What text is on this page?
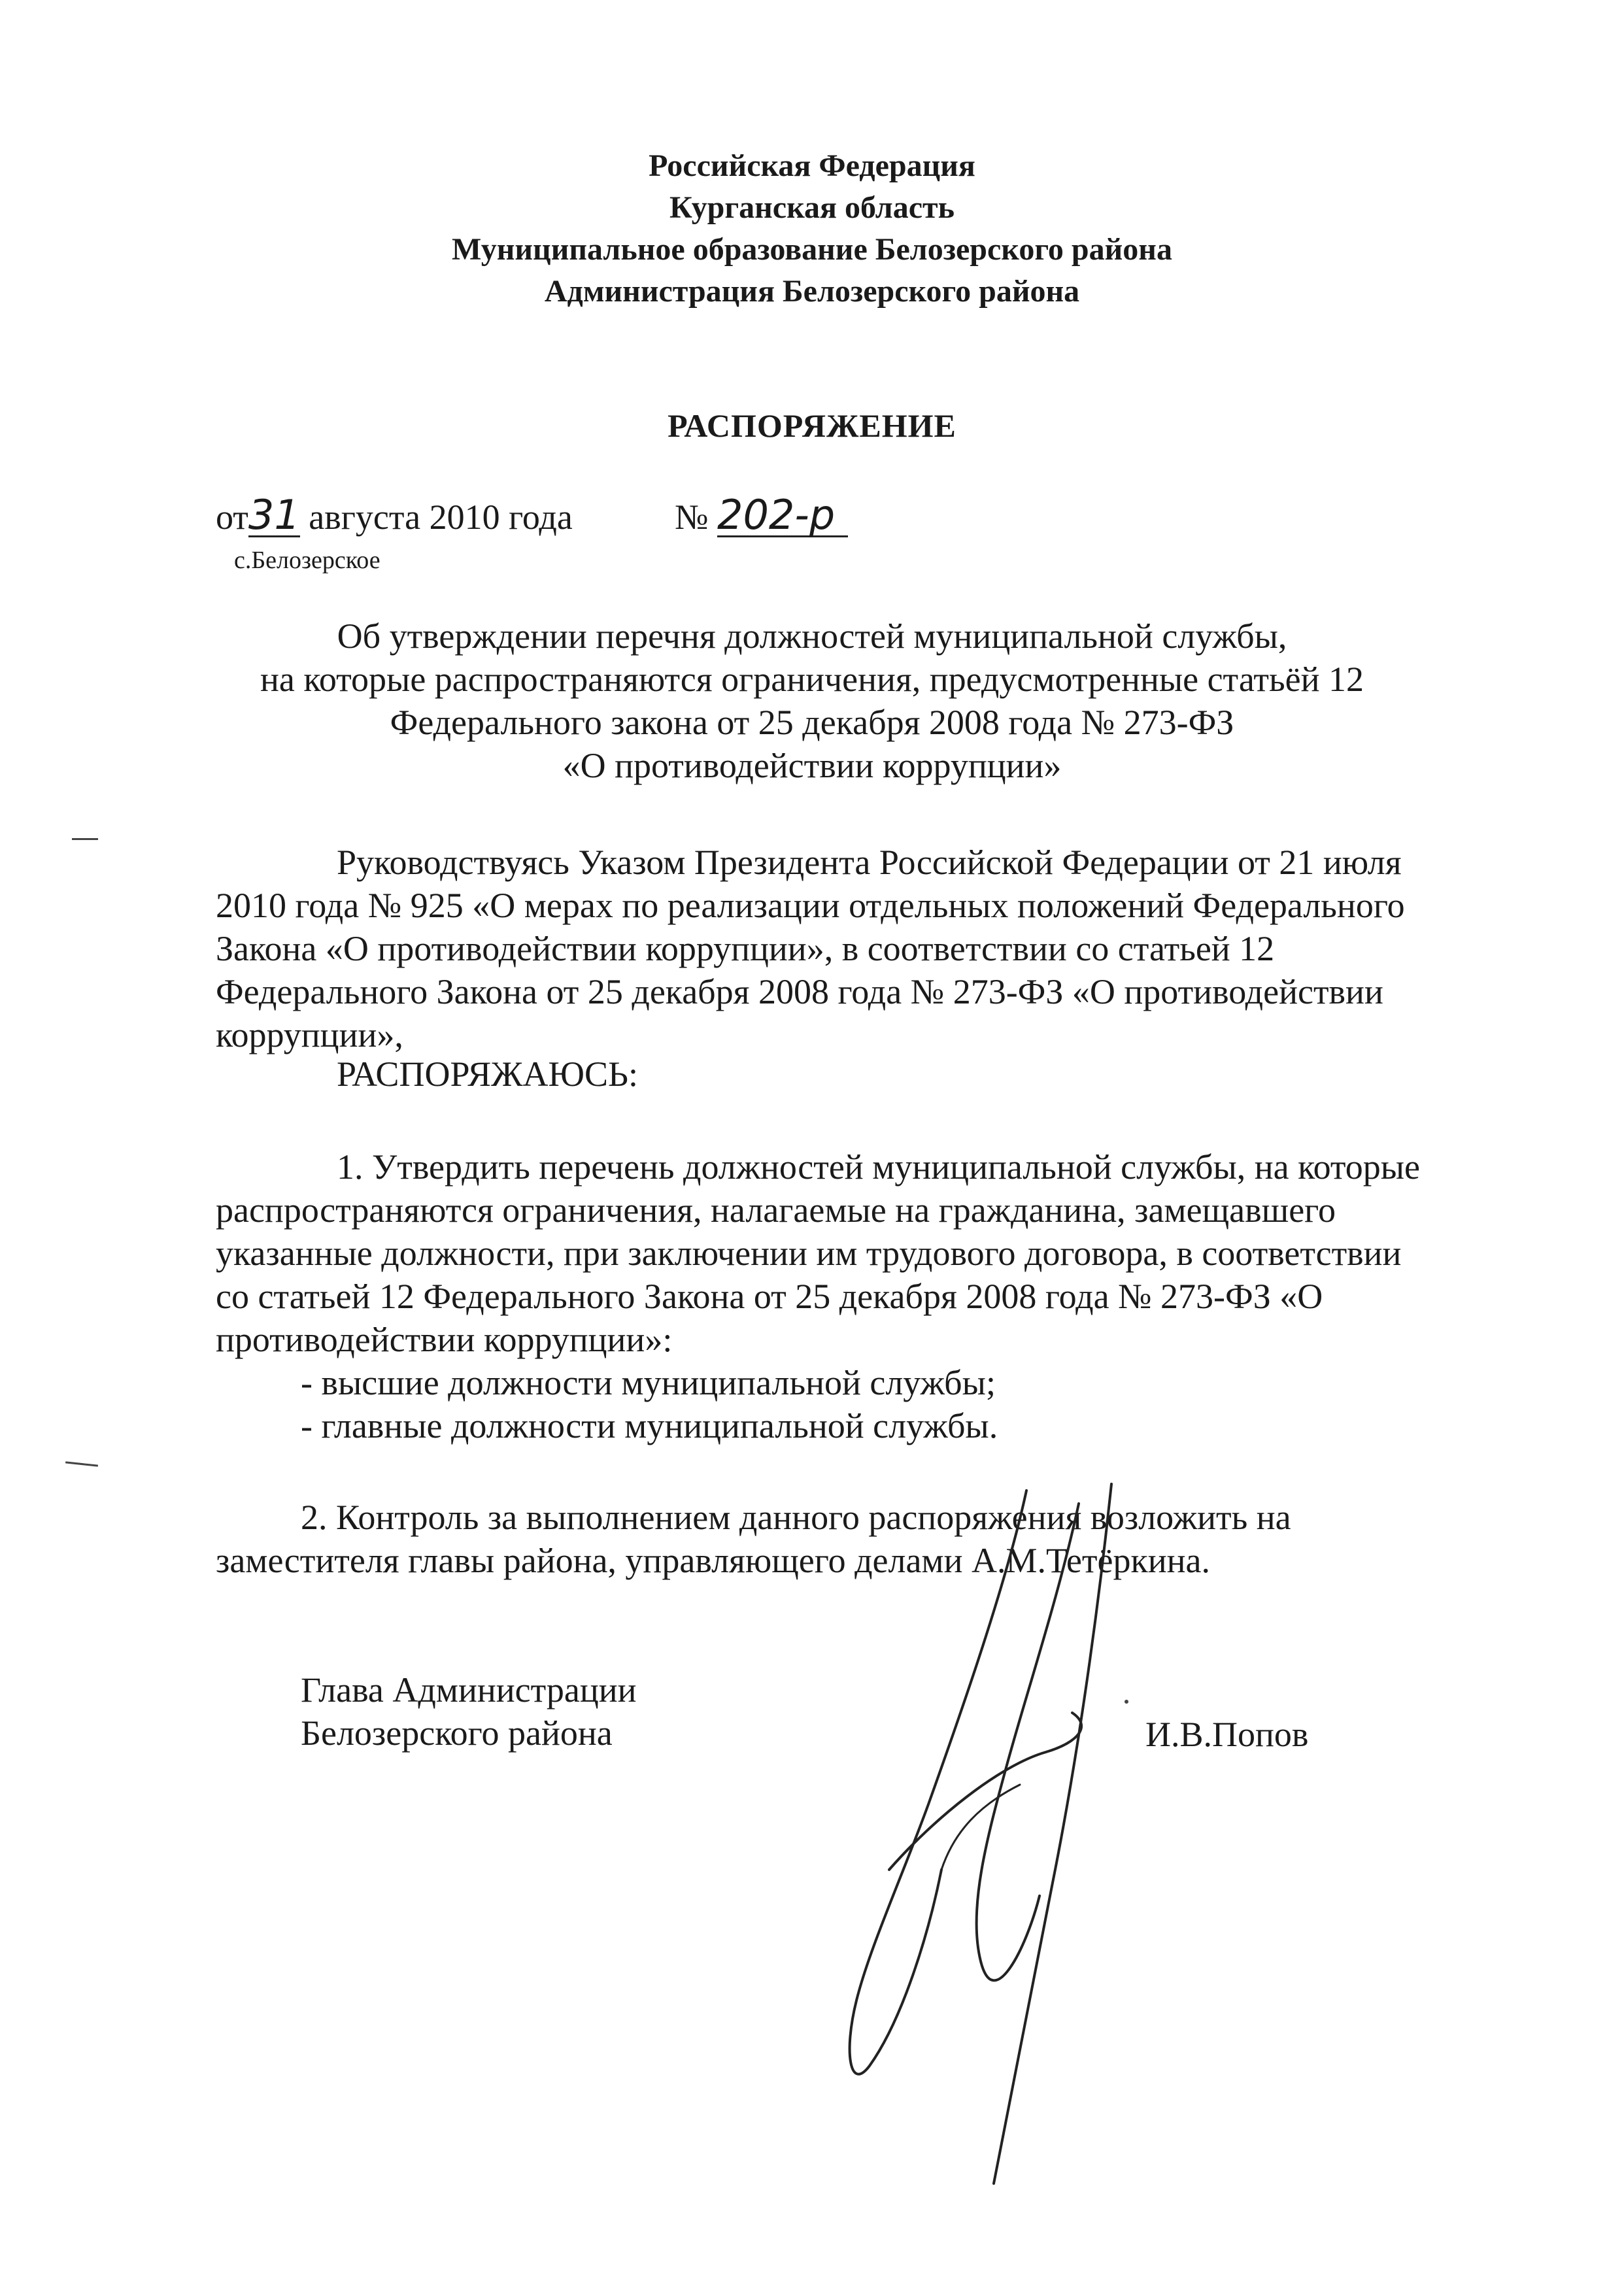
Российская Федерация
Курганская область
Муниципальное образование Белозерского района
Администрация Белозерского района
РАСПОРЯЖЕНИЕ
от31 августа 2010 года	№ 202-р
с.Белозерское
Об утверждении перечня должностей муниципальной службы,
на которые распространяются ограничения, предусмотренные статьёй 12
Федерального закона от 25 декабря 2008 года № 273-ФЗ
«О противодействии коррупции»
Руководствуясь Указом Президента Российской Федерации от 21 июля
2010 года № 925 «О мерах по реализации отдельных положений Федерального
Закона «О противодействии коррупции», в соответствии со статьей 12
Федерального Закона от 25 декабря 2008 года № 273-ФЗ «О противодействии
коррупции»,
РАСПОРЯЖАЮСЬ:
1. Утвердить перечень должностей муниципальной службы, на которые
распространяются ограничения, налагаемые на гражданина, замещавшего
указанные должности, при заключении им трудового договора, в соответствии
со статьей 12 Федерального Закона от 25 декабря 2008 года № 273-ФЗ «О
противодействии коррупции»:
- высшие должности муниципальной службы;
- главные должности муниципальной службы.
2. Контроль за выполнением данного распоряжения возложить на
заместителя главы района, управляющего делами А.М.Тетёркина.
Глава Администрации
Белозерского района	И.В.Попов
